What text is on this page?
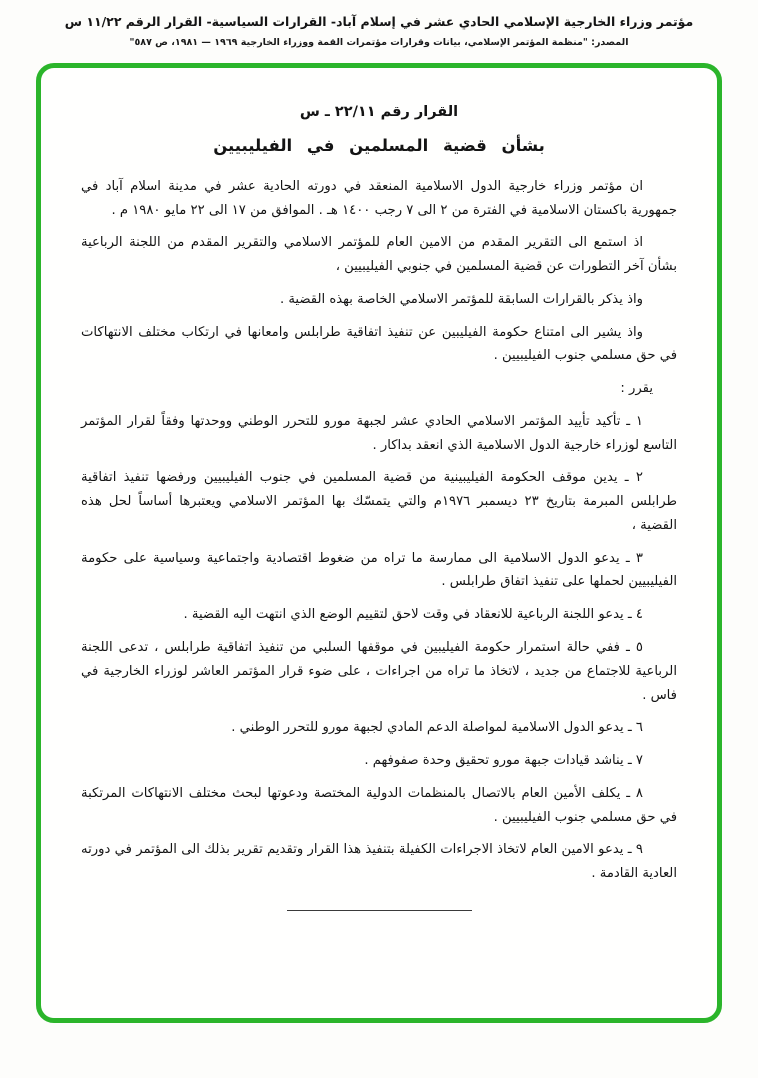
مؤتمر وزراء الخارجية الإسلامي الحادي عشر في إسلام آباد- القرارات السياسية- القرار الرقم ١١/٢٢ س
المصدر: "منظمة المؤتمر الإسلامي، بيانات وقرارات مؤتمرات القمة ووزراء الخارجية ١٩٦٩ — ١٩٨١، ص ٥٨٧"
القرار رقم ٢٢/١١ ـ س
بشأن قضية المسلمين في الفيليبيين

ان مؤتمر وزراء خارجية الدول الاسلامية المنعقد في دورته الحادية عشر في مدينة اسلام آباد في جمهورية باكستان الاسلامية في الفترة من ٢ الى ٧ رجب ١٤٠٠ هـ . الموافق من ١٧ الى ٢٢ مايو ١٩٨٠ م .

اذ استمع الى التقرير المقدم من الامين العام للمؤتمر الاسلامي والتقرير المقدم من اللجنة الرباعية بشأن آخر التطورات عن قضية المسلمين في جنوبي الفيليبيين ،

واذ يذكر بالقرارات السابقة للمؤتمر الاسلامي الخاصة بهذه القضية .

واذ يشير الى امتناع حكومة الفيليبين عن تنفيذ اتفاقية طرابلس وامعانها في ارتكاب مختلف الانتهاكات في حق مسلمي جنوب الفيليبيين .

يقرر :

١ ـ تأكيد تأييد المؤتمر الاسلامي الحادي عشر لجبهة مورو للتحرر الوطني ووحدتها وفقاً لقرار المؤتمر التاسع لوزراء خارجية الدول الاسلامية الذي انعقد بداكار .

٢ ـ يدين موقف الحكومة الفيليبينية من قضية المسلمين في جنوب الفيليبيين ورفضها تنفيذ اتفاقية طرابلس المبرمة بتاريخ ٢٣ ديسمبر ١٩٧٦م والتي يتمسّك بها المؤتمر الاسلامي ويعتبرها أساساً لحل هذه القضية ،

٣ ـ يدعو الدول الاسلامية الى ممارسة ما تراه من ضغوط اقتصادية واجتماعية وسياسية على حكومة الفيليبيين لحملها على تنفيذ اتفاق طرابلس .

٤ ـ يدعو اللجنة الرباعية للانعقاد في وقت لاحق لتقييم الوضع الذي انتهت اليه القضية .

٥ ـ ففي حالة استمرار حكومة الفيليبين في موقفها السلبي من تنفيذ اتفاقية طرابلس ، تدعى اللجنة الرباعية للاجتماع من جديد ، لاتخاذ ما تراه من اجراءات ، على ضوء قرار المؤتمر العاشر لوزراء الخارجية في فاس .

٦ ـ يدعو الدول الاسلامية لمواصلة الدعم المادي لجبهة مورو للتحرر الوطني .

٧ ـ يناشد قيادات جبهة مورو تحقيق وحدة صفوفهم .

٨ ـ يكلف الأمين العام بالاتصال بالمنظمات الدولية المختصة ودعوتها لبحث مختلف الانتهاكات المرتكبة في حق مسلمي جنوب الفيليبيين .

٩ ـ يدعو الامين العام لاتخاذ الاجراءات الكفيلة بتنفيذ هذا القرار وتقديم تقرير بذلك الى المؤتمر في دورته العادية القادمة .
